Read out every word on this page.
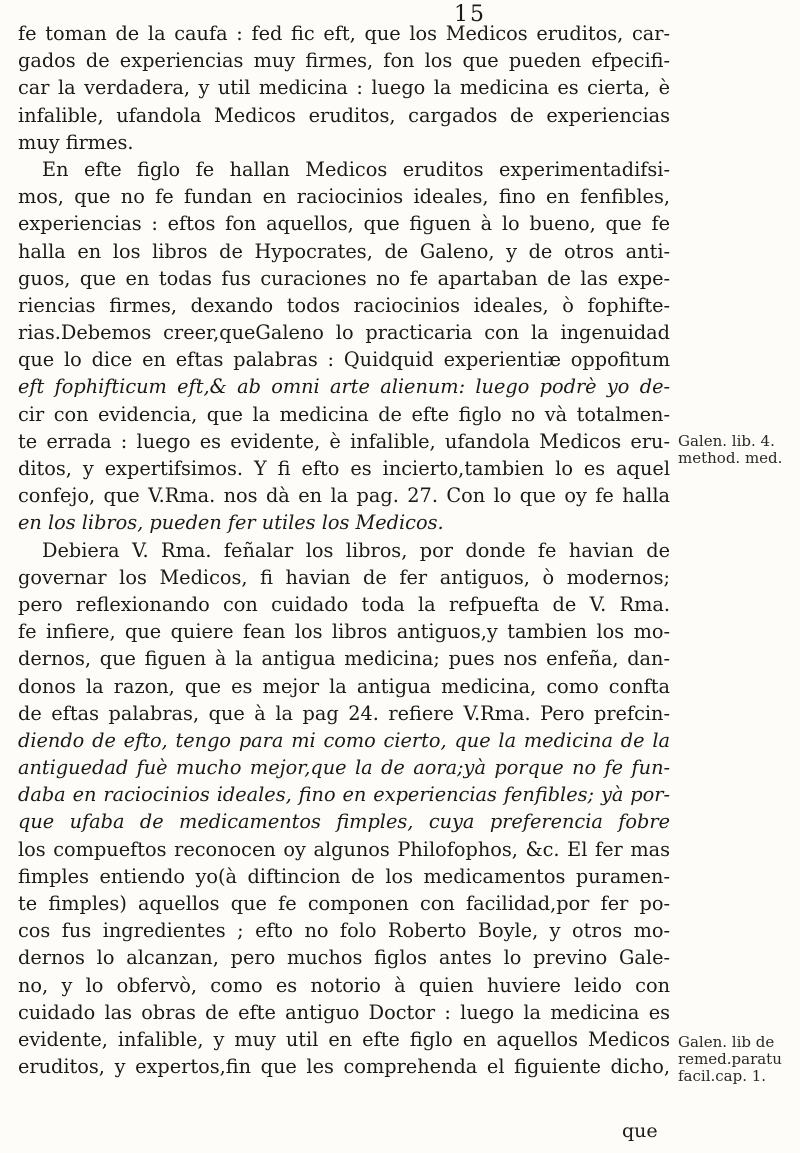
15
fe toman de la caufa : fed fic eft, que los Medicos eruditos, car-
gados de experiencias muy firmes, fon los que pueden efpecifi-
car la verdadera, y util medicina : luego la medicina es cierta, è
infalible, ufandola Medicos eruditos, cargados de experiencias
muy firmes.
En efte figlo fe hallan Medicos eruditos experimentadifsi-
mos, que no fe fundan en raciocinios ideales, fino en fenfibles,
experiencias : eftos fon aquellos, que figuen à lo bueno, que fe
halla en los libros de Hypocrates, de Galeno, y de otros anti-
guos, que en todas fus curaciones no fe apartaban de las expe-
riencias firmes, dexando todos raciocinios ideales, ò fophifte-
rias.Debemos creer,queGaleno lo practicaria con la ingenuidad
que lo dice en eftas palabras : Quidquid experientiæ oppofitum
eft fophifticum eft,& ab omni arte alienum: luego podrè yo de-
cir con evidencia, que la medicina de efte figlo no và totalmen-
te errada : luego es evidente, è infalible, ufandola Medicos eru-
ditos, y expertifsimos. Y fi efto es incierto,tambien lo es aquel
confejo, que V.Rma. nos dà en la pag. 27. Con lo que oy fe halla
en los libros, pueden fer utiles los Medicos.
Debiera V. Rma. feñalar los libros, por donde fe havian de
governar los Medicos, fi havian de fer antiguos, ò modernos;
pero reflexionando con cuidado toda la refpuefta de V. Rma.
fe infiere, que quiere fean los libros antiguos,y tambien los mo-
dernos, que figuen à la antigua medicina; pues nos enfeña, dan-
donos la razon, que es mejor la antigua medicina, como confta
de eftas palabras, que à la pag 24. refiere V.Rma. Pero prefcin-
diendo de efto, tengo para mi como cierto, que la medicina de la
antiguedad fuè mucho mejor,que la de aora;yà porque no fe fun-
daba en raciocinios ideales, fino en experiencias fenfibles; yà por-
que ufaba de medicamentos fimples, cuya preferencia fobre
los compueftos reconocen oy algunos Philofophos, &c. El fer mas
fimples entiendo yo(à diftincion de los medicamentos puramen-
te fimples) aquellos que fe componen con facilidad,por fer po-
cos fus ingredientes ; efto no folo Roberto Boyle, y otros mo-
dernos lo alcanzan, pero muchos figlos antes lo previno Gale-
no, y lo obfervò, como es notorio à quien huviere leido con
cuidado las obras de efte antiguo Doctor : luego la medicina es
evidente, infalible, y muy util en efte figlo en aquellos Medicos
eruditos, y expertos,fin que les comprehenda el figuiente dicho,
que
Galen. lib. 4.
method. med.
Galen. lib de
remed.paratu
facil.cap. 1.
